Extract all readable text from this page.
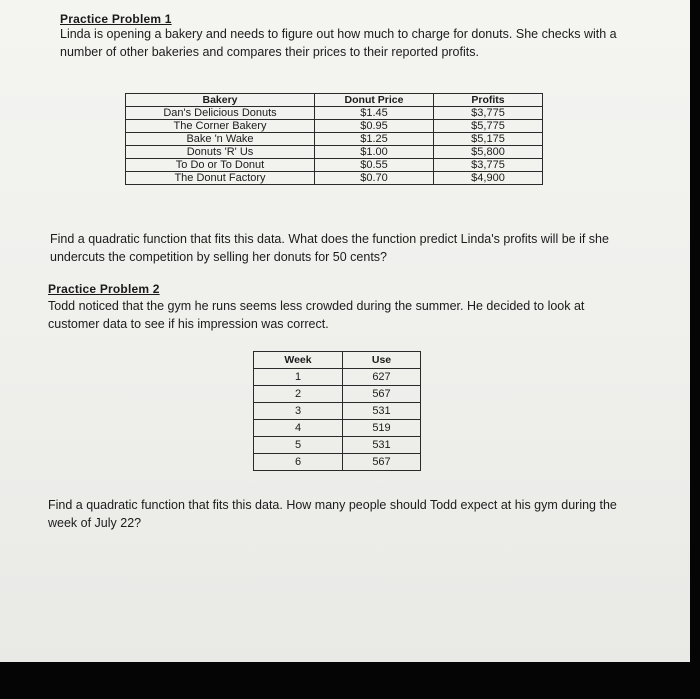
Practice Problem 1
Linda is opening a bakery and needs to figure out how much to charge for donuts. She checks with a number of other bakeries and compares their prices to their reported profits.
Bakery	Donut Price	Profits
Dan's Delicious Donuts	$1.45	$3,775
The Corner Bakery	$0.95	$5,775
Bake 'n Wake	$1.25	$5,175
Donuts 'R' Us	$1.00	$5,800
To Do or To Donut	$0.55	$3,775
The Donut Factory	$0.70	$4,900
Find a quadratic function that fits this data. What does the function predict Linda's profits will be if she undercuts the competition by selling her donuts for 50 cents?
Practice Problem 2
Todd noticed that the gym he runs seems less crowded during the summer. He decided to look at customer data to see if his impression was correct.
Week	Use
1	627
2	567
3	531
4	519
5	531
6	567
Find a quadratic function that fits this data. How many people should Todd expect at his gym during the week of July 22?
